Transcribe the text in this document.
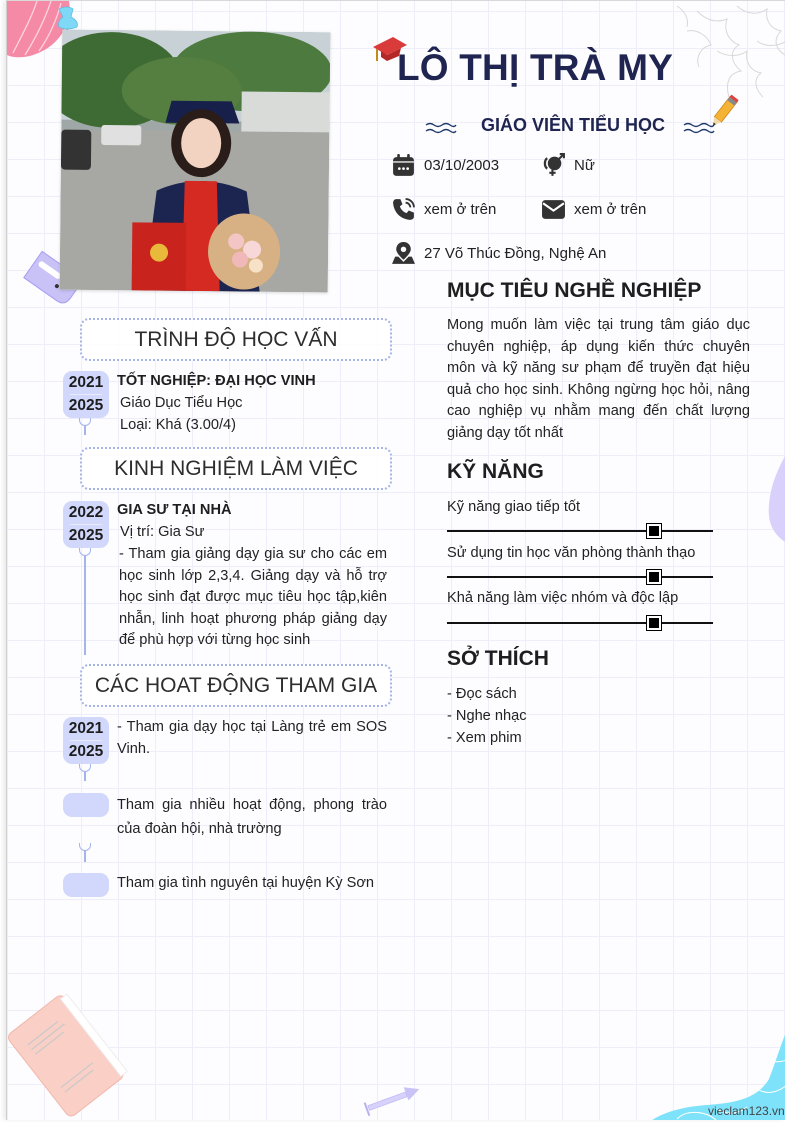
LÔ THỊ TRÀ MY
GIÁO VIÊN TIỂU HỌC
03/10/2003	Nữ
xem ở trên	xem ở trên
27 Võ Thúc Đồng, Nghệ An
MỤC TIÊU NGHỀ NGHIỆP
Mong muốn làm việc tại trung tâm giáo dục chuyên nghiệp, áp dụng kiến thức chuyên môn và kỹ năng sư phạm để truyền đạt hiệu quả cho học sinh. Không ngừng học hỏi, nâng cao nghiệp vụ nhằm mang đến chất lượng giảng dạy tốt nhất
KỸ NĂNG
Kỹ năng giao tiếp tốt
Sử dụng tin học văn phòng thành thạo
Khả năng làm việc nhóm và độc lập
SỞ THÍCH
- Đọc sách
- Nghe nhạc
- Xem phim
TRÌNH ĐỘ HỌC VẤN
2021
2025
TỐT NGHIỆP: ĐẠI HỌC VINH
Giáo Dục Tiểu Học
Loại: Khá (3.00/4)
KINH NGHIỆM LÀM VIỆC
2022
2025
GIA SƯ TẠI NHÀ
Vị trí: Gia Sư
- Tham gia giảng dạy gia sư cho các em học sinh lớp 2,3,4. Giảng dạy và hỗ trợ học sinh đạt được mục tiêu học tập,kiên nhẫn, linh hoạt phương pháp giảng dạy để phù hợp với từng học sinh
CÁC HOAT ĐỘNG THAM GIA
2021
2025
- Tham gia dạy học tại Làng trẻ em SOS Vinh.
Tham gia nhiều hoạt động, phong trào của đoàn hội, nhà trường
Tham gia tình nguyên tại huyện Kỳ Sơn
vieclam123.vn
